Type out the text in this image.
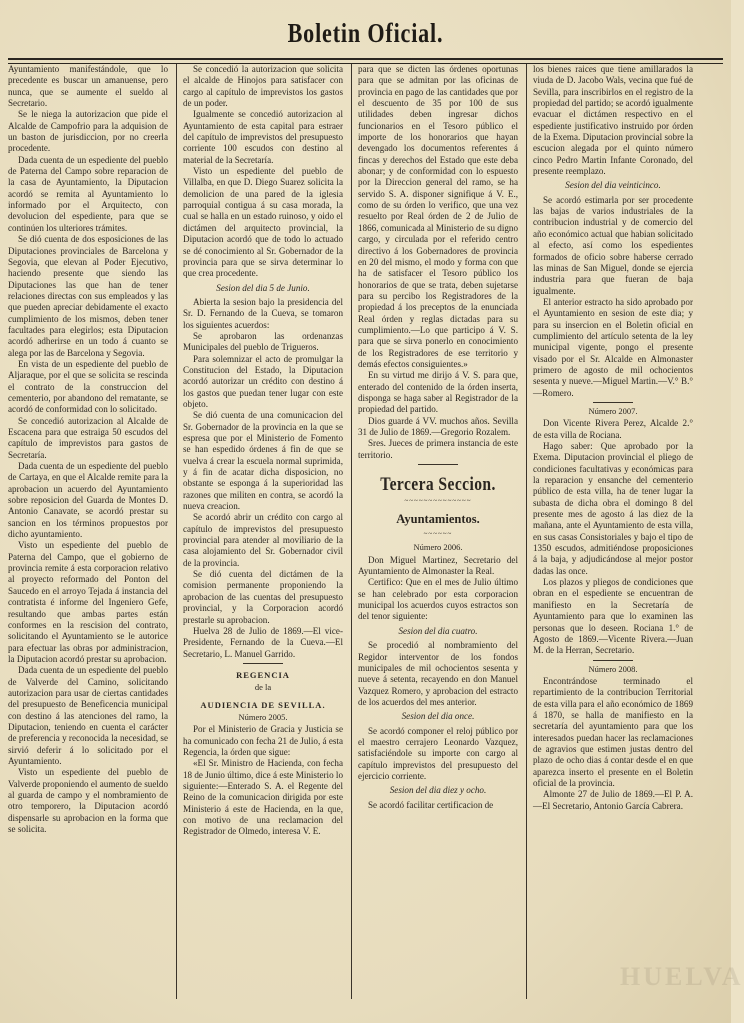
Boletin Oficial.

Ayuntamiento manifestándole, que lo precedente es buscar un amanuense, pero nunca, que se aumente el sueldo al Secretario.

Se le niega la autorizacion que pide el Alcalde de Campofrio para la adquision de un baston de jurisdiccion, por no creerla procedente.

Dada cuenta de un espediente del pueblo de Paterna del Campo sobre reparacion de la casa de Ayuntamiento, la Diputacion acordó se remita al Ayuntamiento lo informado por el Arquitecto, con devolucion del espediente, para que se continúen los ulteriores trámites.

Se dió cuenta de dos esposiciones de las Diputaciones provinciales de Barcelona y Segovia, que elevan al Poder Ejecutivo, haciendo presente que siendo las Diputaciones las que han de tener relaciones directas con sus empleados y las que pueden apreciar debidamente el exacto cumplimiento de los mismos, deben tener facultades para elegirlos; esta Diputacion acordó adherirse en un todo á cuanto se alega por las de Barcelona y Segovia.

En vista de un espediente del pueblo de Aljaraque, por el que se solicita se rescinda el contrato de la construccion del cementerio, por abandono del rematante, se acordó de conformidad con lo solicitado.

Se concedió autorizacion al Alcalde de Escacena para que estraiga 50 escudos del capítulo de imprevistos para gastos de Secretaría.

Dada cuenta de un espediente del pueblo de Cartaya, en que el Alcalde remite para la aprobacion un acuerdo del Ayuntamiento sobre reposicion del Guarda de Montes D. Antonio Canavate, se acordó prestar su sancion en los términos propuestos por dicho ayuntamiento.

Visto un espediente del pueblo de Paterna del Campo, que el gobierno de provincia remite á esta corporacion relativo al proyecto reformado del Ponton del Saucedo en el arroyo Tejada á instancia del contratista é informe del Ingeniero Gefe, resultando que ambas partes están conformes en la rescision del contrato, solicitando el Ayuntamiento se le autorice para efectuar las obras por administracion, la Diputacion acordó prestar su aprobacion.

Dada cuenta de un espediente del pueblo de Valverde del Camino, solicitando autorizacion para usar de ciertas cantidades del presupuesto de Beneficencia municipal con destino á las atenciones del ramo, la Diputacion, teniendo en cuenta el carácter de preferencia y reconocida la necesidad, se sirvió deferir á lo solicitado por el Ayuntamiento.

Visto un espediente del pueblo de Valverde proponiendo el aumento de sueldo al guarda de campo y el nombramiento de otro temporero, la Diputacion acordó dispensarle su aprobacion en la forma que se solicita.

Se concedió la autorizacion que solicita el alcalde de Hinojos para satisfacer con cargo al capítulo de imprevistos los gastos de un poder.

Igualmente se concedió autorizacion al Ayuntamiento de esta capital para estraer del capítulo de imprevistos del presupuesto corriente 100 escudos con destino al material de la Secretaría.

Visto un espediente del pueblo de Villalba, en que D. Diego Suarez solicita la demolicion de una pared de la iglesia parroquial contigua á su casa morada, la cual se halla en un estado ruinoso, y oido el dictámen del arquitecto provincial, la Diputacion acordó que de todo lo actuado se dé conocimiento al Sr. Gobernador de la provincia para que se sirva determinar lo que crea procedente.

Sesion del dia 5 de Junio.

Abierta la sesion bajo la presidencia del Sr. D. Fernando de la Cueva, se tomaron los siguientes acuerdos:

Se aprobaron las ordenanzas Municipales del pueblo de Trigueros.

Para solemnizar el acto de promulgar la Constitucion del Estado, la Diputacion acordó autorizar un crédito con destino á los gastos que puedan tener lugar con este objeto.

Se dió cuenta de una comunicacion del Sr. Gobernador de la provincia en la que se espresa que por el Ministerio de Fomento se han espedido órdenes á fin de que se vuelva á crear la escuela normal suprimida, y á fin de acatar dicha disposicion, no obstante se esponga á la superioridad las razones que militen en contra, se acordó la nueva creacion.

Se acordó abrir un crédito con cargo al capítulo de imprevistos del presupuesto provincial para atender al moviliario de la casa alojamiento del Sr. Gobernador civil de la provincia.

Se dió cuenta del dictámen de la comision permanente proponiendo la aprobacion de las cuentas del presupuesto provincial, y la Corporacion acordó prestarle su aprobacion.

Huelva 28 de Julio de 1869.—El vice-Presidente, Fernando de la Cueva.—El Secretario, L. Manuel Garrido.

REGENCIA
de la
AUDIENCIA DE SEVILLA.
Número 2005.

Por el Ministerio de Gracia y Justicia se ha comunicado con fecha 21 de Julio, á esta Regencia, la órden que sigue:

«El Sr. Ministro de Hacienda, con fecha 18 de Junio último, dice á este Ministerio lo siguiente:—Enterado S. A. el Regente del Reino de la comunicacion dirigida por este Ministerio á este de Hacienda, en la que, con motivo de una reclamacion del Registrador de Olmedo, interesa V. E.

para que se dicten las órdenes oportunas para que se admitan por las oficinas de provincia en pago de las cantidades que por el descuento de 35 por 100 de sus utilidades deben ingresar dichos funcionarios en el Tesoro público el importe de los honorarios que hayan devengado los documentos referentes á fincas y derechos del Estado que este deba abonar; y de conformidad con lo espuesto por la Direccion general del ramo, se ha servido S. A. disponer signifique á V. E., como de su órden lo verifico, que una vez resuelto por Real órden de 2 de Julio de 1866, comunicada al Ministerio de su digno cargo, y circulada por el referido centro directivo á los Gobernadores de provincia en 20 del mismo, el modo y forma con que ha de satisfacer el Tesoro público los honorarios de que se trata, deben sujetarse para su percibo los Registradores de la propiedad á los preceptos de la enunciada Real órden y reglas dictadas para su cumplimiento.—Lo que participo á V. S. para que se sirva ponerlo en conocimiento de los Registradores de ese territorio y demás efectos consiguientes.»

En su virtud me dirijo á V. S. para que, enterado del contenido de la órden inserta, disponga se haga saber al Registrador de la propiedad del partido.

Dios guarde á VV. muchos años. Sevilla 31 de Julio de 1869.—Gregorio Rozalem.

Sres. Jueces de primera instancia de este territorio.

Tercera Seccion.
~~~~~~~~~~~~~~
Ayuntamientos.
~~~~~~
Número 2006.

Don Miguel Martinez, Secretario del Ayuntamiento de Almonaster la Real.

Certifico: Que en el mes de Julio último se han celebrado por esta corporacion municipal los acuerdos cuyos estractos son del tenor siguiente:

Sesion del dia cuatro.

Se procedió al nombramiento del Regidor interventor de los fondos municipales de mil ochocientos sesenta y nueve á setenta, recayendo en don Manuel Vazquez Romero, y aprobacion del estracto de los acuerdos del mes anterior.

Sesion del dia once.

Se acordó componer el reloj público por el maestro cerrajero Leonardo Vazquez, satisfaciéndole su importe con cargo al capítulo imprevistos del presupuesto del ejercicio corriente.

Sesion del dia diez y ocho.

Se acordó facilitar certificacion de

los bienes raices que tiene amillarados la viuda de D. Jacobo Wals, vecina que fué de Sevilla, para inscribirlos en el registro de la propiedad del partido; se acordó igualmente evacuar el dictámen respectivo en el espediente justificativo instruido por órden de la Exema. Diputacion provincial sobre la escucion alegada por el quinto número cinco Pedro Martin Infante Coronado, del presente reemplazo.

Sesion del dia veinticinco.

Se acordó estimarla por ser procedente las bajas de varios industriales de la contribucion industrial y de comercio del año económico actual que habian solicitado al efecto, así como los espedientes formados de oficio sobre haberse cerrado las minas de San Miguel, donde se ejercia industria para que fueran de baja igualmente.

El anterior estracto ha sido aprobado por el Ayuntamiento en sesion de este dia; y para su insercion en el Boletin oficial en cumplimiento del artículo setenta de la ley municipal vigente, pongo el presente visado por el Sr. Alcalde en Almonaster primero de agosto de mil ochocientos sesenta y nueve.—Miguel Martin.—V.° B.°—Romero.

Número 2007.

Don Vicente Rivera Perez, Alcalde 2.° de esta villa de Rociana.

Hago saber: Que aprobado por la Exema. Diputacion provincial el pliego de condiciones facultativas y económicas para la reparacion y ensanche del cementerio público de esta villa, ha de tener lugar la subasta de dicha obra el domingo 8 del presente mes de agosto á las diez de la mañana, ante el Ayuntamiento de esta villa, en sus casas Consistoriales y bajo el tipo de 1350 escudos, admitiéndose proposiciones á la baja, y adjudicándose al mejor postor dadas las once.

Los plazos y pliegos de condiciones que obran en el espediente se encuentran de manifiesto en la Secretaría de Ayuntamiento para que lo examinen las personas que lo deseen. Rociana 1.° de Agosto de 1869.—Vicente Rivera.—Juan M. de la Herran, Secretario.

Número 2008.

Encontrándose terminado el repartimiento de la contribucion Territorial de esta villa para el año económico de 1869 á 1870, se halla de manifiesto en la secretaría del ayuntamiento para que los interesados puedan hacer las reclamaciones de agravios que estimen justas dentro del plazo de ocho dias á contar desde el en que aparezca inserto el presente en el Boletin oficial de la provincia.

Almonte 27 de Julio de 1869.—El P. A.—El Secretario, Antonio García Cabrera.

HUELVA
